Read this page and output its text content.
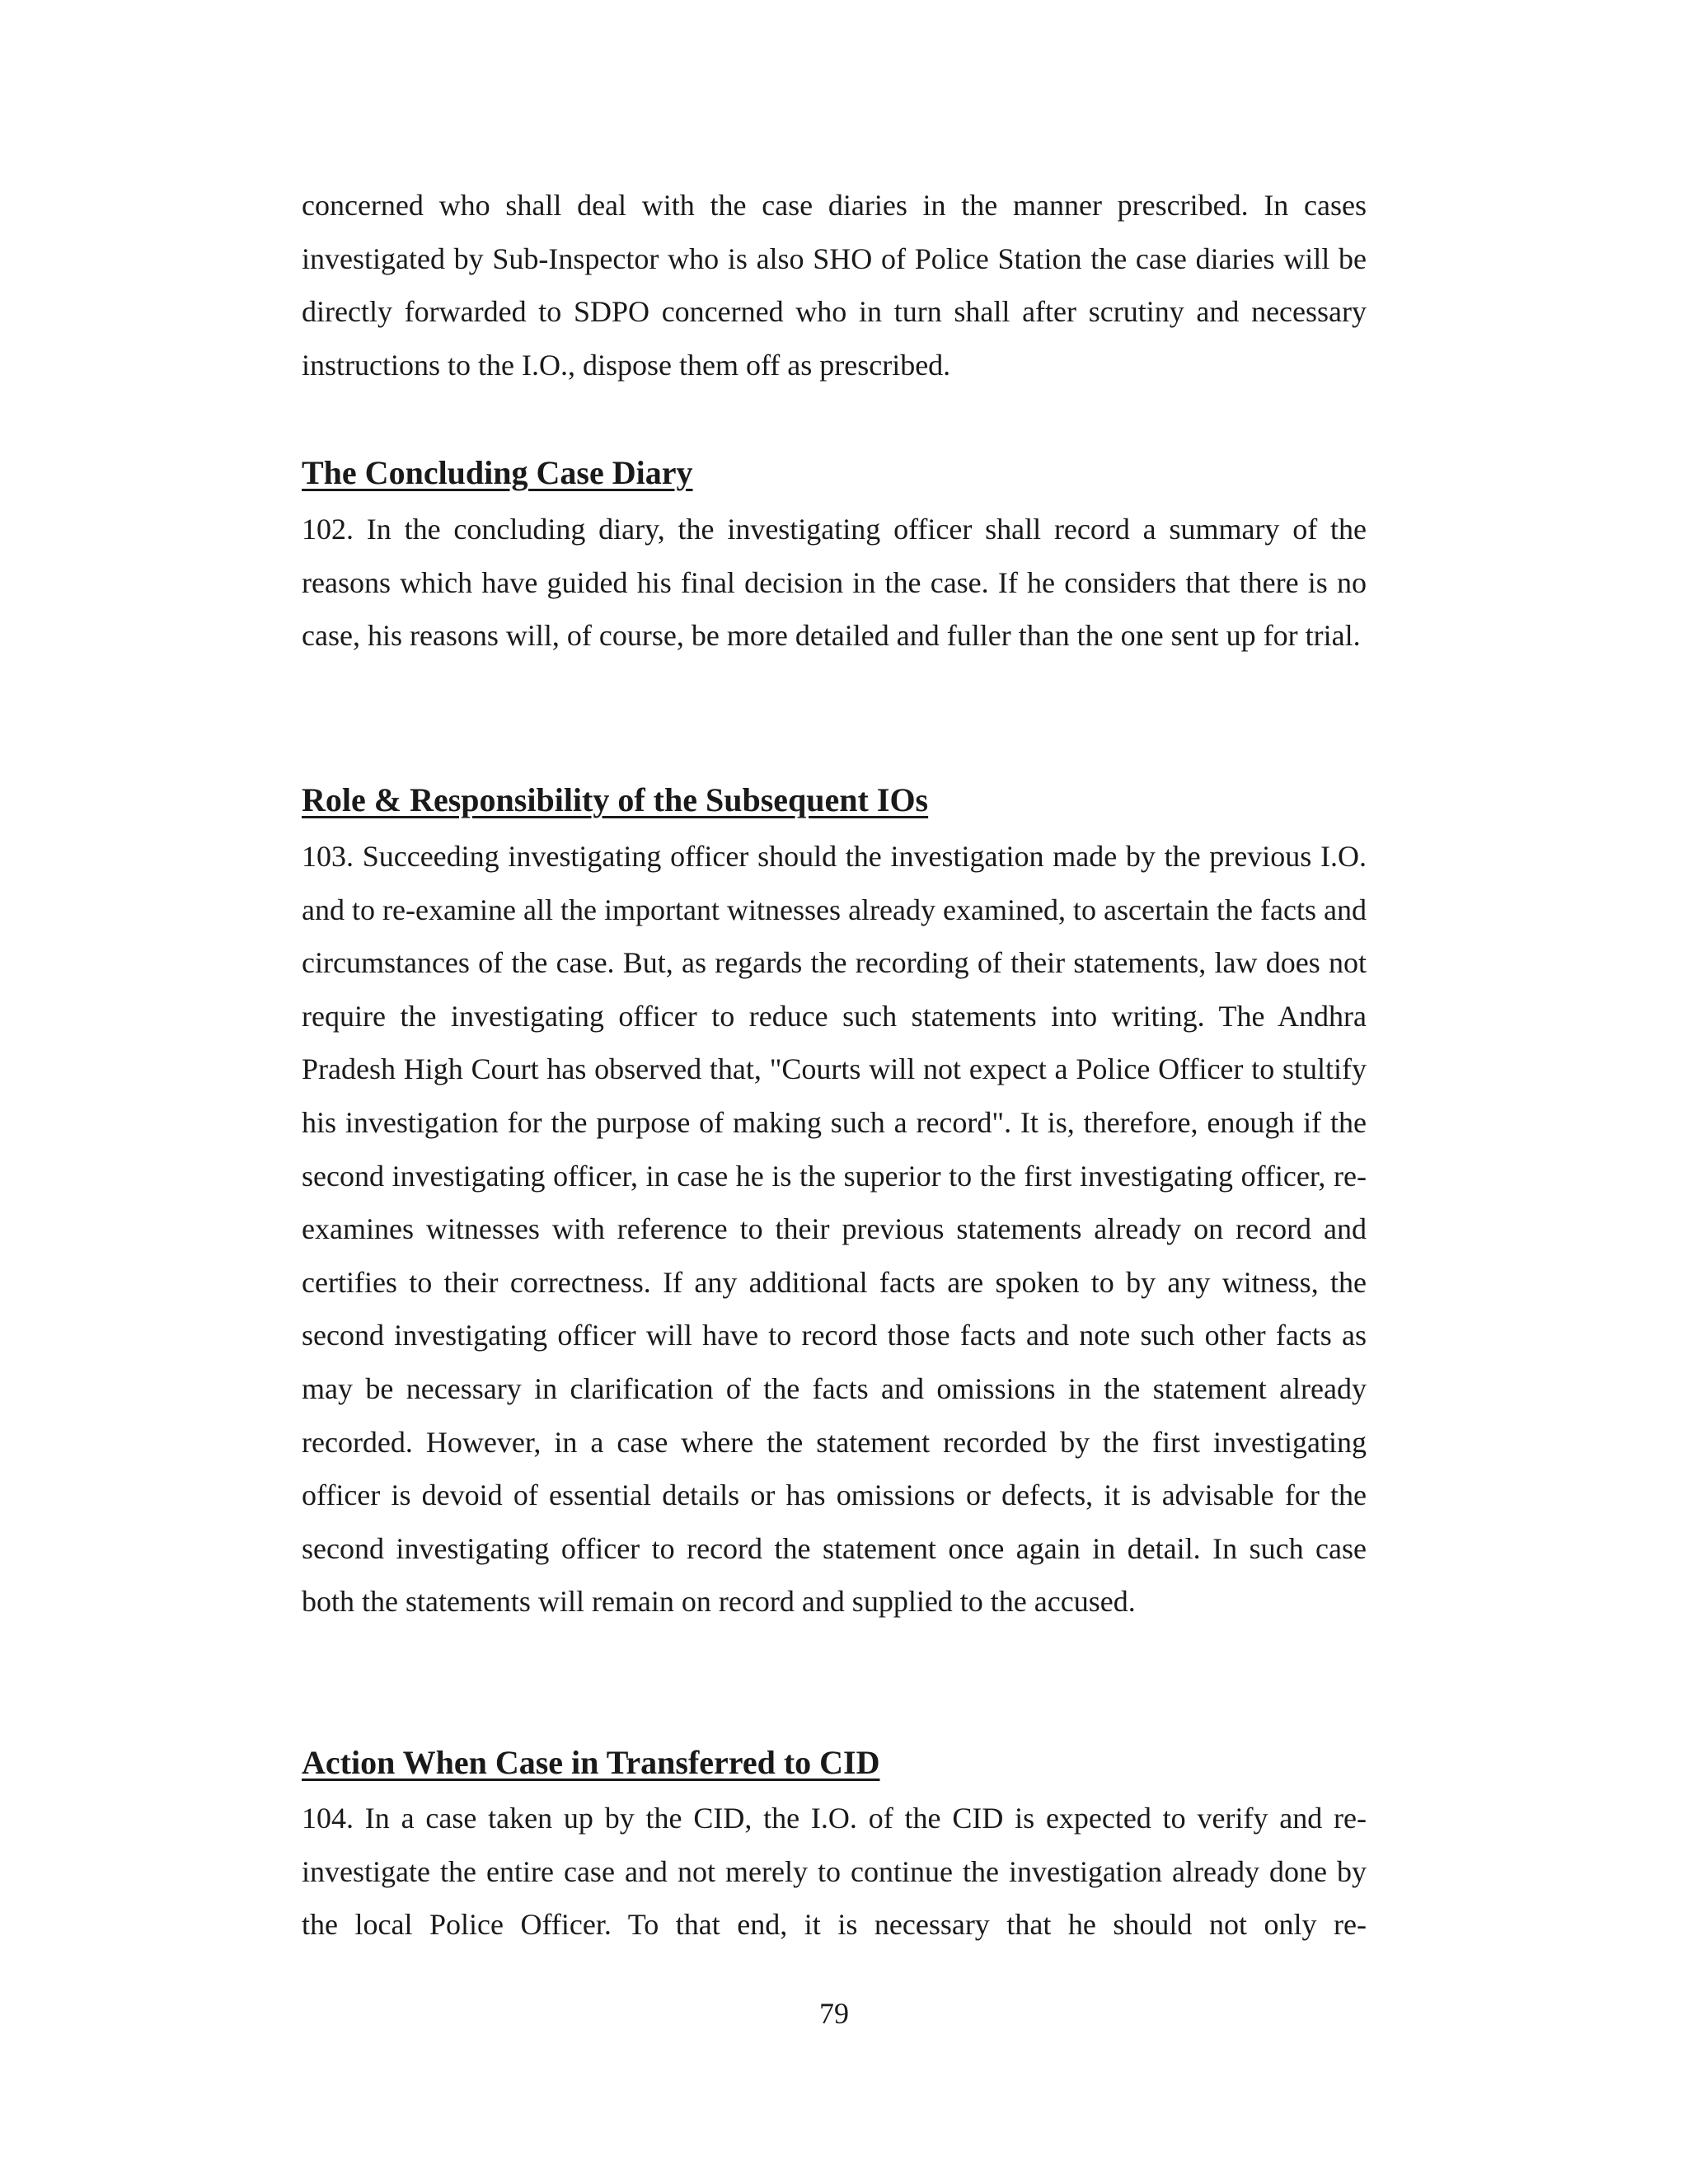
concerned who shall deal with the case diaries in the manner prescribed. In cases investigated by Sub-Inspector who is also SHO of Police Station the case diaries will be directly forwarded to SDPO concerned who in turn shall after scrutiny and necessary instructions to the I.O., dispose them off as prescribed.

The Concluding Case Diary

102. In the concluding diary, the investigating officer shall record a summary of the reasons which have guided his final decision in the case. If he considers that there is no case, his reasons will, of course, be more detailed and fuller than the one sent up for trial.

Role & Responsibility of the Subsequent IOs

103. Succeeding investigating officer should the investigation made by the previous I.O. and to re-examine all the important witnesses already examined, to ascertain the facts and circumstances of the case. But, as regards the recording of their statements, law does not require the investigating officer to reduce such statements into writing. The Andhra Pradesh High Court has observed that, "Courts will not expect a Police Officer to stultify his investigation for the purpose of making such a record". It is, therefore, enough if the second investigating officer, in case he is the superior to the first investigating officer, re-examines witnesses with reference to their previous statements already on record and certifies to their correctness. If any additional facts are spoken to by any witness, the second investigating officer will have to record those facts and note such other facts as may be necessary in clarification of the facts and omissions in the statement already recorded. However, in a case where the statement recorded by the first investigating officer is devoid of essential details or has omissions or defects, it is advisable for the second investigating officer to record the statement once again in detail. In such case both the statements will remain on record and supplied to the accused.

Action When Case in Transferred to CID

104. In a case taken up by the CID, the I.O. of the CID is expected to verify and re-investigate the entire case and not merely to continue the investigation already done by the local Police Officer. To that end, it is necessary that he should not only re-

79
